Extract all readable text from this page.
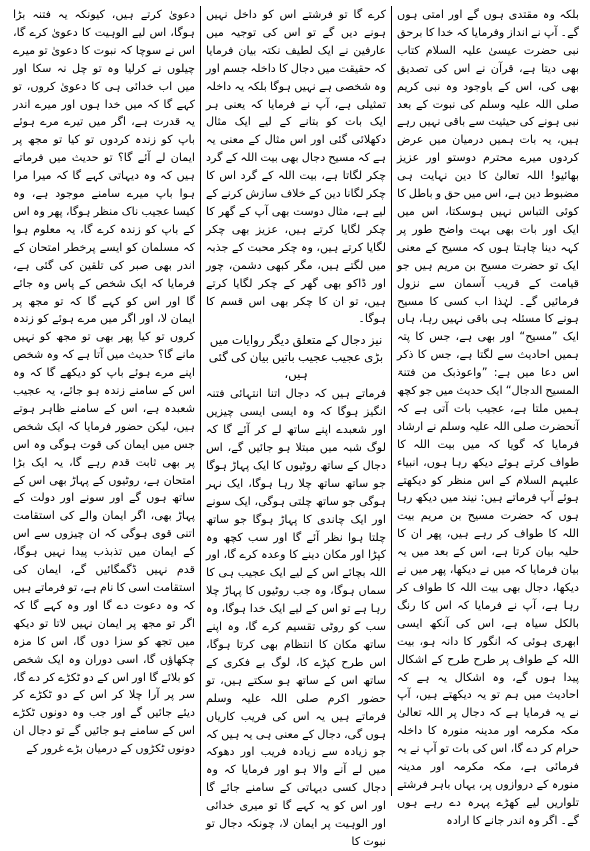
بلکہ وہ مقتدی ہوں گے اور امتی ہوں گے۔ آپ نے انداز وفرمایا کہ خدا کا برحق نبی حضرت عیسیٰ علیہ السلام کتاب بھی دیتا ہے، قرآن نے اس کی تصدیق بھی کی، اس کے باوجود وہ نبی کریم صلی اللہ علیہ وسلم کی نبوت کے بعد نبی ہونے کی حیثیت سے باقی نہیں رہے ہیں، یہ بات ہمیں درمیان میں عرض کردوں میرے محترم دوستو اور عزیز بھائیو! اللہ تعالیٰ کا دین نہایت ہی مضبوط دین ہے، اس میں حق و باطل کا کوئی التباس نہیں ہوسکتا، اس میں ایک اور بات بھی بہت واضح طور پر کہہ دینا چاہتا ہوں کہ مسیح کے معنی ایک تو حضرت مسیح بن مریم ہیں جو قیامت کے قریب آسمان سے نزول فرمائیں گے۔ لہٰذا اب کسی کا مسیح ہونے کا مسئلہ ہی باقی نہیں رہا، ہاں ایک ”مسیح“ اور بھی ہے، جس کا پتہ ہمیں احادیث سے لگتا ہے، جس کا ذکر اس دعا میں ہے: ”واعوذبک من فتنۃ المسیح الدجال“ ایک حدیث میں جو کچھ ہمیں ملتا ہے، عجیب بات آتی ہے کہ آنحضرت صلی اللہ علیہ وسلم نے ارشاد فرمایا کہ گویا کہ میں بیت اللہ کا طواف کرتے ہوئے دیکھ رہا ہوں، انبیاء علیہم السلام کے اس منظر کو دیکھتے ہوئے آپ فرماتے ہیں: نیند میں دیکھ رہا ہوں کہ حضرت مسیح بن مریم بیت اللہ کا طواف کر رہے ہیں، پھر ان کا حلیہ بیان کرتا ہے، اس کے بعد میں یہ بیان فرمایا کہ میں نے دیکھا، پھر میں نے دیکھا، دجال بھی بیت اللہ کا طواف کر رہا ہے، آپ نے فرمایا کہ اس کا رنگ بالکل سیاہ ہے، اس کی آنکھ ایسی ابھری ہوئی کہ انگور کا دانہ ہو، بیت اللہ کے طواف پر طرح طرح کے اشکال پیدا ہوں گے، وہ اشکال یہ ہے کہ احادیث میں ہم تو یہ دیکھتے ہیں، آپ نے یہ فرمایا ہے کہ دجال پر اللہ تعالیٰ مکہ مکرمہ اور مدینہ منورہ کا داخلہ حرام کر دے گا، اس کی بات تو آپ نے یہ فرمائی ہے، مکہ مکرمہ اور مدینہ منورہ کے دروازوں پر، یہاں باہر فرشتے تلواریں لیے کھڑے پہرہ دے رہے ہوں گے۔ اگر وہ اندر جانے کا ارادہ

کرے گا تو فرشتے اس کو داخل نہیں ہونے دیں گے تو اس کی توجیہ میں عارفین نے ایک لطیف نکتہ بیان فرمایا کہ حقیقت میں دجال کا داخلہ جسم اور وہ شخصی ہے نہیں ہوگا بلکہ یہ داخلہ تمثیلی ہے، آپ نے فرمایا کہ یعنی ہر ایک بات کو بتانے کے لیے ایک مثال دکھلائی گئی اور اس مثال کے معنی یہ ہے کہ مسیح دجال بھی بیت اللہ کے گرد چکر لگاتا ہے، بیت اللہ کے گرد اس کا چکر لگانا دین کے خلاف سازش کرنے کے لیے ہے، مثال دوست بھی آپ کے گھر کا چکر لگایا کرتے ہیں، عزیز بھی چکر لگایا کرتے ہیں، وہ چکر محبت کے جذبہ میں لگتے ہیں، مگر کبھی دشمن، چور اور ڈاکو بھی گھر کے چکر لگایا کرتے ہیں، تو ان کا چکر بھی اس قسم کا ہوگا۔

نیز دجال کے متعلق دیگر روایات میں بڑی عجیب عجیب باتیں بیان کی گئی ہیں،

فرماتے ہیں کہ دجال اتنا انتہائی فتنہ انگیز ہوگا کہ وہ ایسی ایسی چیزیں اور شعبدے اپنے ساتھ لے کر آئے گا کہ لوگ شبہ میں مبتلا ہو جائیں گے، اس دجال کے ساتھ روٹیوں کا ایک پہاڑ ہوگا جو ساتھ ساتھ چلا رہا ہوگا، ایک نہر ہوگی جو ساتھ چلتی ہوگی، ایک سونے اور ایک چاندی کا پہاڑ ہوگا جو ساتھ چلتا ہوا نظر آئے گا اور سب کچھ وہ کپڑا اور مکان دینے کا وعدہ کرے گا، اور اللہ بچائے اس کے لیے ایک عجیب ہی کا سماں ہوگا، وہ جب روٹیوں کا پہاڑ چلا رہا ہے تو اس کے لیے ایک خدا ہوگا، وہ سب کو روٹی تقسیم کرے گا، وہ اپنے ساتھ مکان کا انتظام بھی کرتا ہوگا، اس طرح کپڑے کا، لوگ بے فکری کے ساتھ اس کے ساتھ ہو سکتے ہیں، تو حضور اکرم صلی اللہ علیہ وسلم فرماتے ہیں یہ اس کی فریب کاریاں ہوں گی، دجال کے معنی ہی یہ ہیں کہ جو زیادہ سے زیادہ فریب اور دھوکہ میں لے آنے والا ہو اور فرمایا کہ وہ دجال کسی دیہاتی کے سامنے جائے گا اور اس کو یہ کہے گا تو میری خدائی اور الوہیت پر ایمان لا، چونکہ دجال تو نبوت کا

دعویٰ کرتے ہیں، کیونکہ یہ فتنہ بڑا ہوگا، اس لیے الوہیت کا دعویٰ کرے گا، اس نے سوچا کہ نبوت کا دعویٰ تو میرے چیلوں نے کرلیا وہ تو چل نہ سکا اور میں اب خدائی ہی کا دعویٰ کروں، تو کہے گا کہ میں خدا ہوں اور میرے اندر یہ قدرت ہے، اگر میں تیرے مرے ہوئے باپ کو زندہ کردوں تو کیا تو مجھ پر ایمان لے آئے گا؟ تو حدیث میں فرماتے ہیں کہ وہ دیہاتی کہے گا کہ میرا مرا ہوا باپ میرے سامنے موجود ہے، وہ کیسا عجیب ناک منظر ہوگا، پھر وہ اس کے باپ کو زندہ کرے گا، یہ معلوم ہوا کہ مسلمان کو ایسے پرخطر امتحان کے اندر بھی صبر کی تلقین کی گئی ہے، فرمایا کہ ایک شخص کے پاس وہ جائے گا اور اس کو کہے گا کہ تو مجھ پر ایمان لا، اور اگر میں مرے ہوئے کو زندہ کروں تو کیا پھر بھی تو مجھ کو نہیں مانے گا؟ حدیث میں آتا ہے کہ وہ شخص اپنے مرے ہوئے باپ کو دیکھے گا کہ وہ اس کے سامنے زندہ ہو جائے، یہ عجیب شعبدہ ہے، اس کے سامنے ظاہر ہوتے ہیں، لیکن حضور فرمایا کہ ایک شخص جس میں ایمان کی قوت ہوگی وہ اس پر بھی ثابت قدم رہے گا، یہ ایک بڑا امتحان ہے، روٹیوں کے پہاڑ بھی اس کے ساتھ ہوں گے اور سونے اور دولت کے پہاڑ بھی، اگر ایمان والے کی استقامت اتنی قوی ہوگی کہ ان چیزوں سے اس کے ایمان میں تذبذب پیدا نہیں ہوگا، قدم نہیں ڈگمگائیں گے، ایمان کی استقامت اسی کا نام ہے، تو فرماتے ہیں کہ وہ دعوت دے گا اور وہ کہے گا کہ اگر تو مجھ پر ایمان نہیں لاتا تو دیکھ میں تجھ کو سزا دوں گا، اس کا مزہ چکھاؤں گا، اسی دوران وہ ایک شخص کو بلائے گا اور اس کے دو ٹکڑے کر دے گا، سر پر آرا چلا کر اس کے دو ٹکڑے کر دیئے جائیں گے اور جب وہ دونوں ٹکڑے اس کے سامنے ہو جائیں گے تو دجال ان دونوں ٹکڑوں کے درمیان بڑے غرور کے
